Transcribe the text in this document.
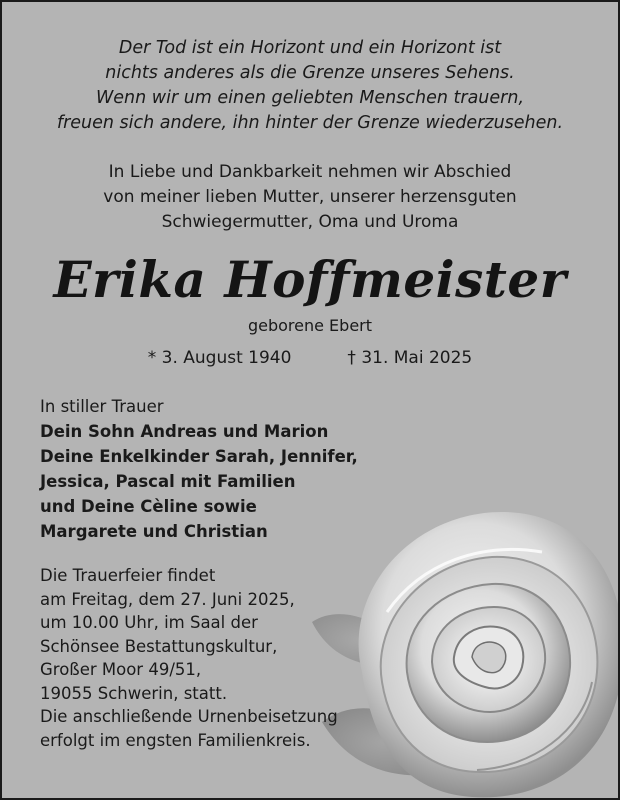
Der Tod ist ein Horizont und ein Horizont ist
nichts anderes als die Grenze unseres Sehens.
Wenn wir um einen geliebten Menschen trauern,
freuen sich andere, ihn hinter der Grenze wiederzusehen.
In Liebe und Dankbarkeit nehmen wir Abschied
von meiner lieben Mutter, unserer herzensguten
Schwiegermutter, Oma und Uroma
Erika Hoffmeister
geborene Ebert
* 3. August 1940	† 31. Mai 2025
In stiller Trauer
Dein Sohn Andreas und Marion
Deine Enkelkinder Sarah, Jennifer,
Jessica, Pascal mit Familien
und Deine Cèline sowie
Margarete und Christian
Die Trauerfeier findet
am Freitag, dem 27. Juni 2025,
um 10.00 Uhr, im Saal der
Schönsee Bestattungskultur,
Großer Moor 49/51,
19055 Schwerin, statt.
Die anschließende Urnenbeisetzung
erfolgt im engsten Familienkreis.
